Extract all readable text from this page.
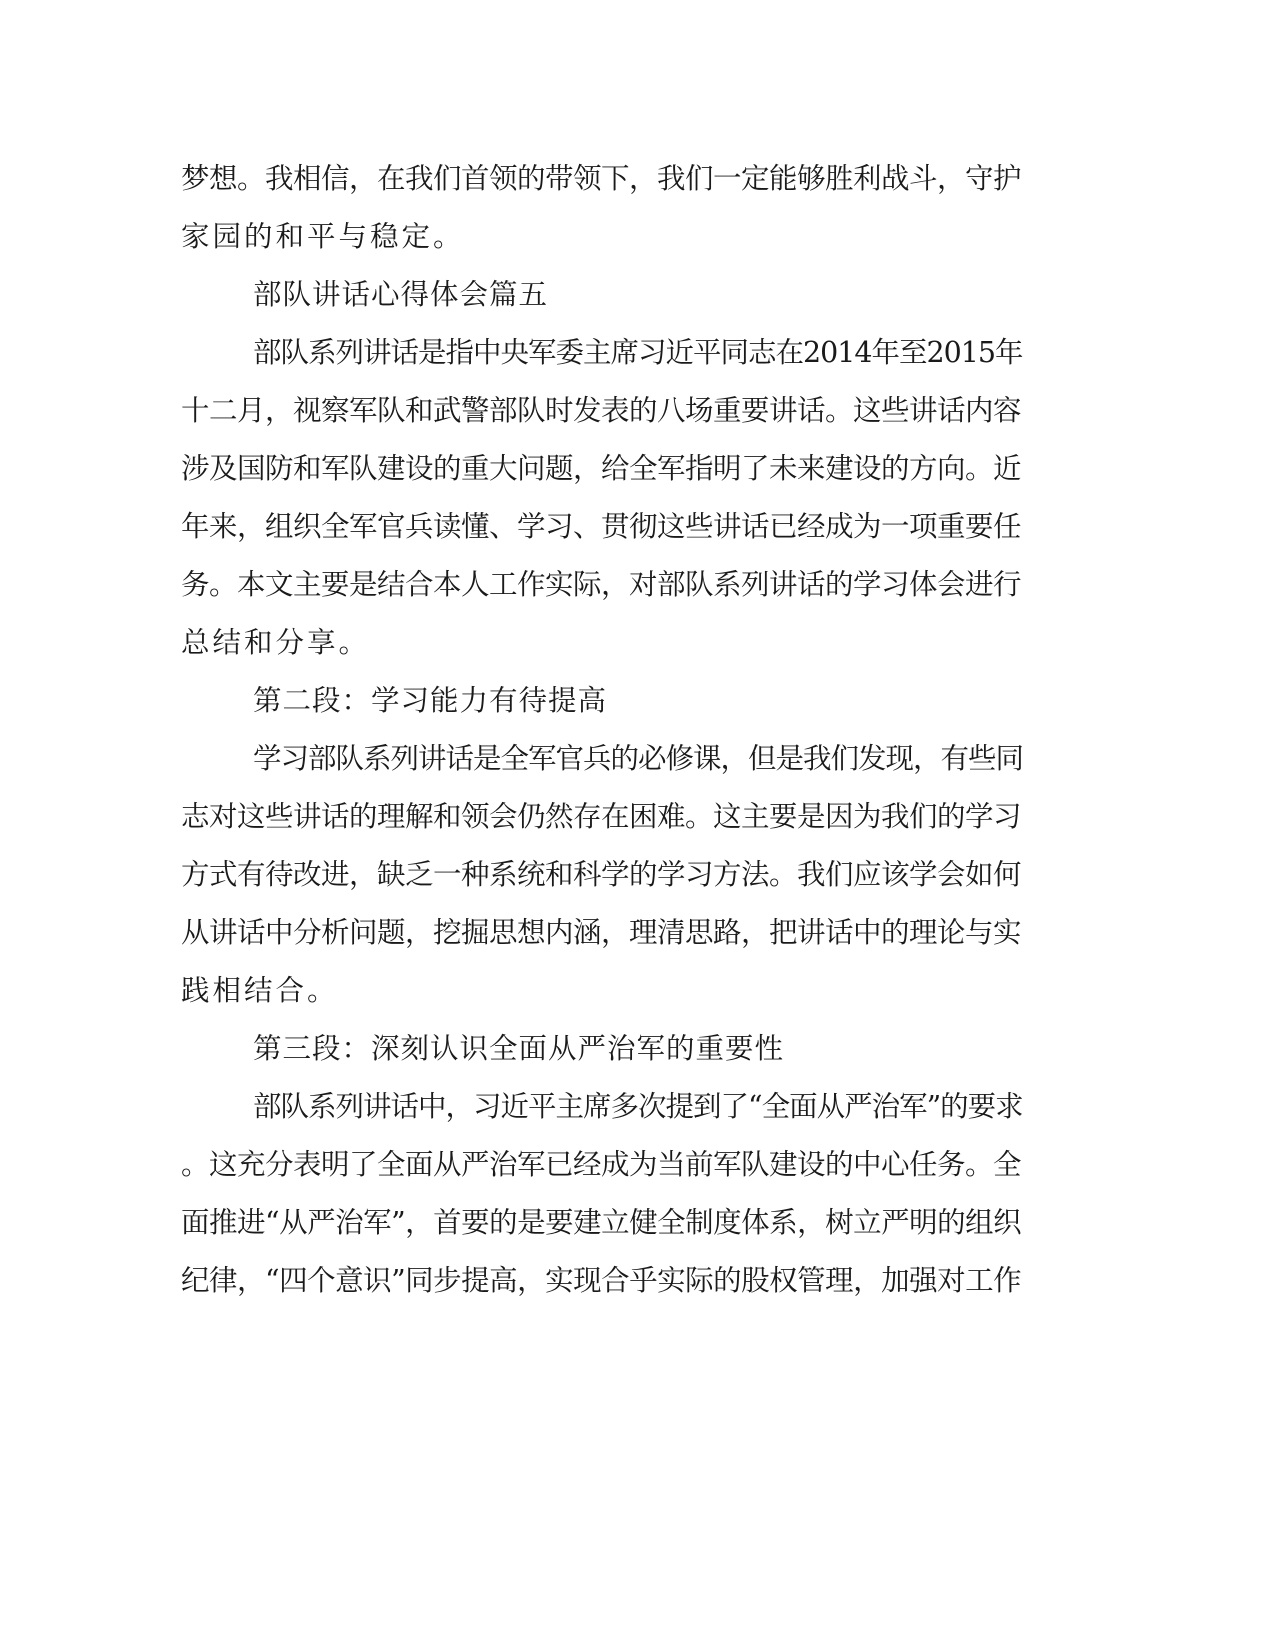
梦想。我相信，在我们首领的带领下，我们一定能够胜利战斗，守护
家园的和平与稳定。
部队讲话心得体会篇五
部队系列讲话是指中央军委主席习近平同志在2014年至2015年
十二月，视察军队和武警部队时发表的八场重要讲话。这些讲话内容
涉及国防和军队建设的重大问题，给全军指明了未来建设的方向。近
年来，组织全军官兵读懂、学习、贯彻这些讲话已经成为一项重要任
务。本文主要是结合本人工作实际，对部队系列讲话的学习体会进行
总结和分享。
第二段：学习能力有待提高
学习部队系列讲话是全军官兵的必修课，但是我们发现，有些同
志对这些讲话的理解和领会仍然存在困难。这主要是因为我们的学习
方式有待改进，缺乏一种系统和科学的学习方法。我们应该学会如何
从讲话中分析问题，挖掘思想内涵，理清思路，把讲话中的理论与实
践相结合。
第三段：深刻认识全面从严治军的重要性
部队系列讲话中，习近平主席多次提到了“全面从严治军”的要求
。这充分表明了全面从严治军已经成为当前军队建设的中心任务。全
面推进“从严治军”，首要的是要建立健全制度体系，树立严明的组织
纪律，“四个意识”同步提高，实现合乎实际的股权管理，加强对工作
